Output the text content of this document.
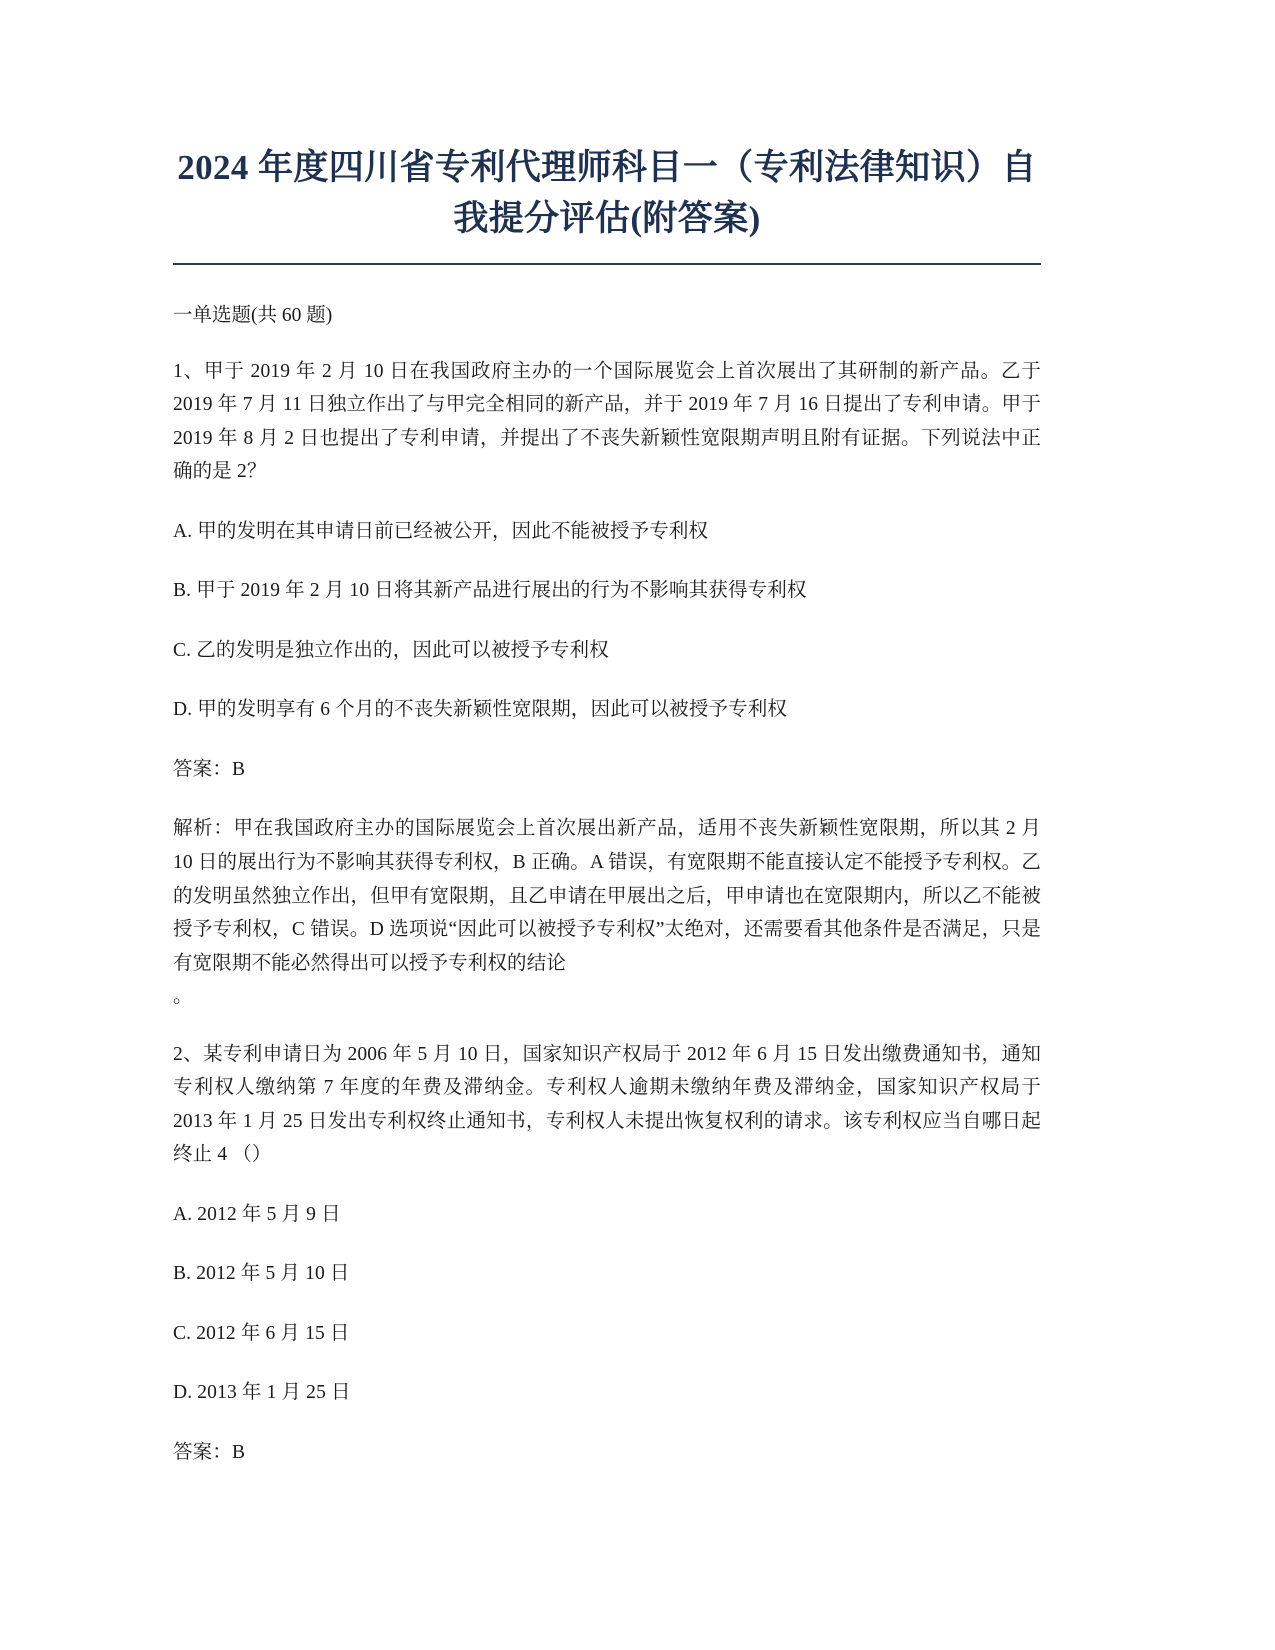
2024 年度四川省专利代理师科目一（专利法律知识）自我提分评估(附答案)

一单选题(共 60 题)

1、甲于 2019 年 2 月 10 日在我国政府主办的一个国际展览会上首次展出了其研制的新产品。乙于 2019 年 7 月 11 日独立作出了与甲完全相同的新产品，并于 2019 年 7 月 16 日提出了专利申请。甲于 2019 年 8 月 2 日也提出了专利申请，并提出了不丧失新颖性宽限期声明且附有证据。下列说法中正确的是 2？

A. 甲的发明在其申请日前已经被公开，因此不能被授予专利权

B. 甲于 2019 年 2 月 10 日将其新产品进行展出的行为不影响其获得专利权

C. 乙的发明是独立作出的，因此可以被授予专利权

D. 甲的发明享有 6 个月的不丧失新颖性宽限期，因此可以被授予专利权

答案：B

解析：甲在我国政府主办的国际展览会上首次展出新产品，适用不丧失新颖性宽限期，所以其 2 月 10 日的展出行为不影响其获得专利权，B 正确。A 错误，有宽限期不能直接认定不能授予专利权。乙的发明虽然独立作出，但甲有宽限期，且乙申请在甲展出之后，甲申请也在宽限期内，所以乙不能被授予专利权，C 错误。D 选项说“因此可以被授予专利权”太绝对，还需要看其他条件是否满足，只是有宽限期不能必然得出可以授予专利权的结论

。

2、某专利申请日为 2006 年 5 月 10 日，国家知识产权局于 2012 年 6 月 15 日发出缴费通知书，通知专利权人缴纳第 7 年度的年费及滞纳金。专利权人逾期未缴纳年费及滞纳金，国家知识产权局于 2013 年 1 月 25 日发出专利权终止通知书，专利权人未提出恢复权利的请求。该专利权应当自哪日起终止 4 （）

A. 2012 年 5 月 9 日

B. 2012 年 5 月 10 日

C. 2012 年 6 月 15 日

D. 2013 年 1 月 25 日

答案：B
